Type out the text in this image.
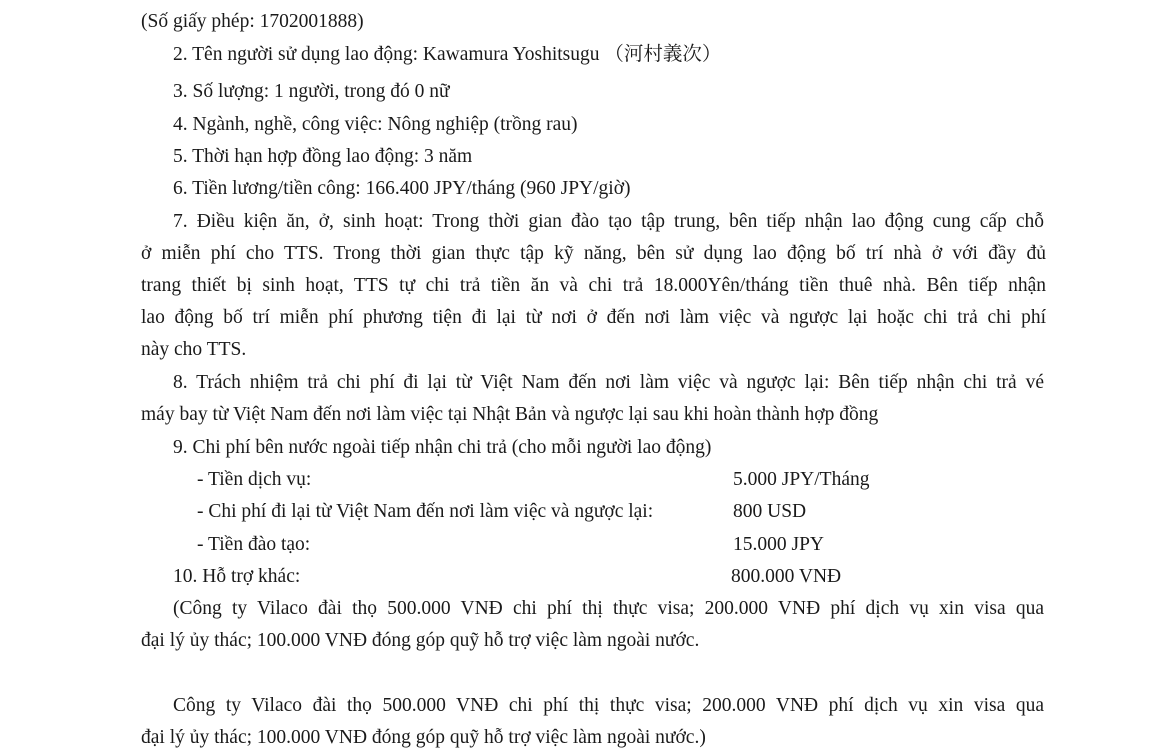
(Số giấy phép: 1702001888)
2. Tên người sử dụng lao động: Kawamura Yoshitsugu （河村義次）
3. Số lượng: 1 người, trong đó 0 nữ
4. Ngành, nghề, công việc: Nông nghiệp (trồng rau)
5. Thời hạn hợp đồng lao động: 3 năm
6. Tiền lương/tiền công: 166.400 JPY/tháng (960 JPY/giờ)
7. Điều kiện ăn, ở, sinh hoạt: Trong thời gian đào tạo tập trung, bên tiếp nhận lao động cung cấp chỗ
ở miễn phí cho TTS. Trong thời gian thực tập kỹ năng, bên sử dụng lao động bố trí nhà ở với đầy đủ
trang thiết bị sinh hoạt, TTS tự chi trả tiền ăn và chi trả 18.000Yên/tháng tiền thuê nhà. Bên tiếp nhận
lao động bố trí miễn phí phương tiện đi lại từ nơi ở đến nơi làm việc và ngược lại hoặc chi trả chi phí
này cho TTS.
8. Trách nhiệm trả chi phí đi lại từ Việt Nam đến nơi làm việc và ngược lại: Bên tiếp nhận chi trả vé
máy bay từ Việt Nam đến nơi làm việc tại Nhật Bản và ngược lại sau khi hoàn thành hợp đồng
9. Chi phí bên nước ngoài tiếp nhận chi trả (cho mỗi người lao động)
- Tiền dịch vụ:	5.000 JPY/Tháng
- Chi phí đi lại từ Việt Nam đến nơi làm việc và ngược lại:	800 USD
- Tiền đào tạo:	15.000 JPY
10. Hỗ trợ khác:	800.000 VNĐ
(Công ty Vilaco đài thọ 500.000 VNĐ chi phí thị thực visa; 200.000 VNĐ phí dịch vụ xin visa qua
đại lý ủy thác; 100.000 VNĐ đóng góp quỹ hỗ trợ việc làm ngoài nước.
Công ty Vilaco đài thọ 500.000 VNĐ chi phí thị thực visa; 200.000 VNĐ phí dịch vụ xin visa qua
đại lý ủy thác; 100.000 VNĐ đóng góp quỹ hỗ trợ việc làm ngoài nước.)
